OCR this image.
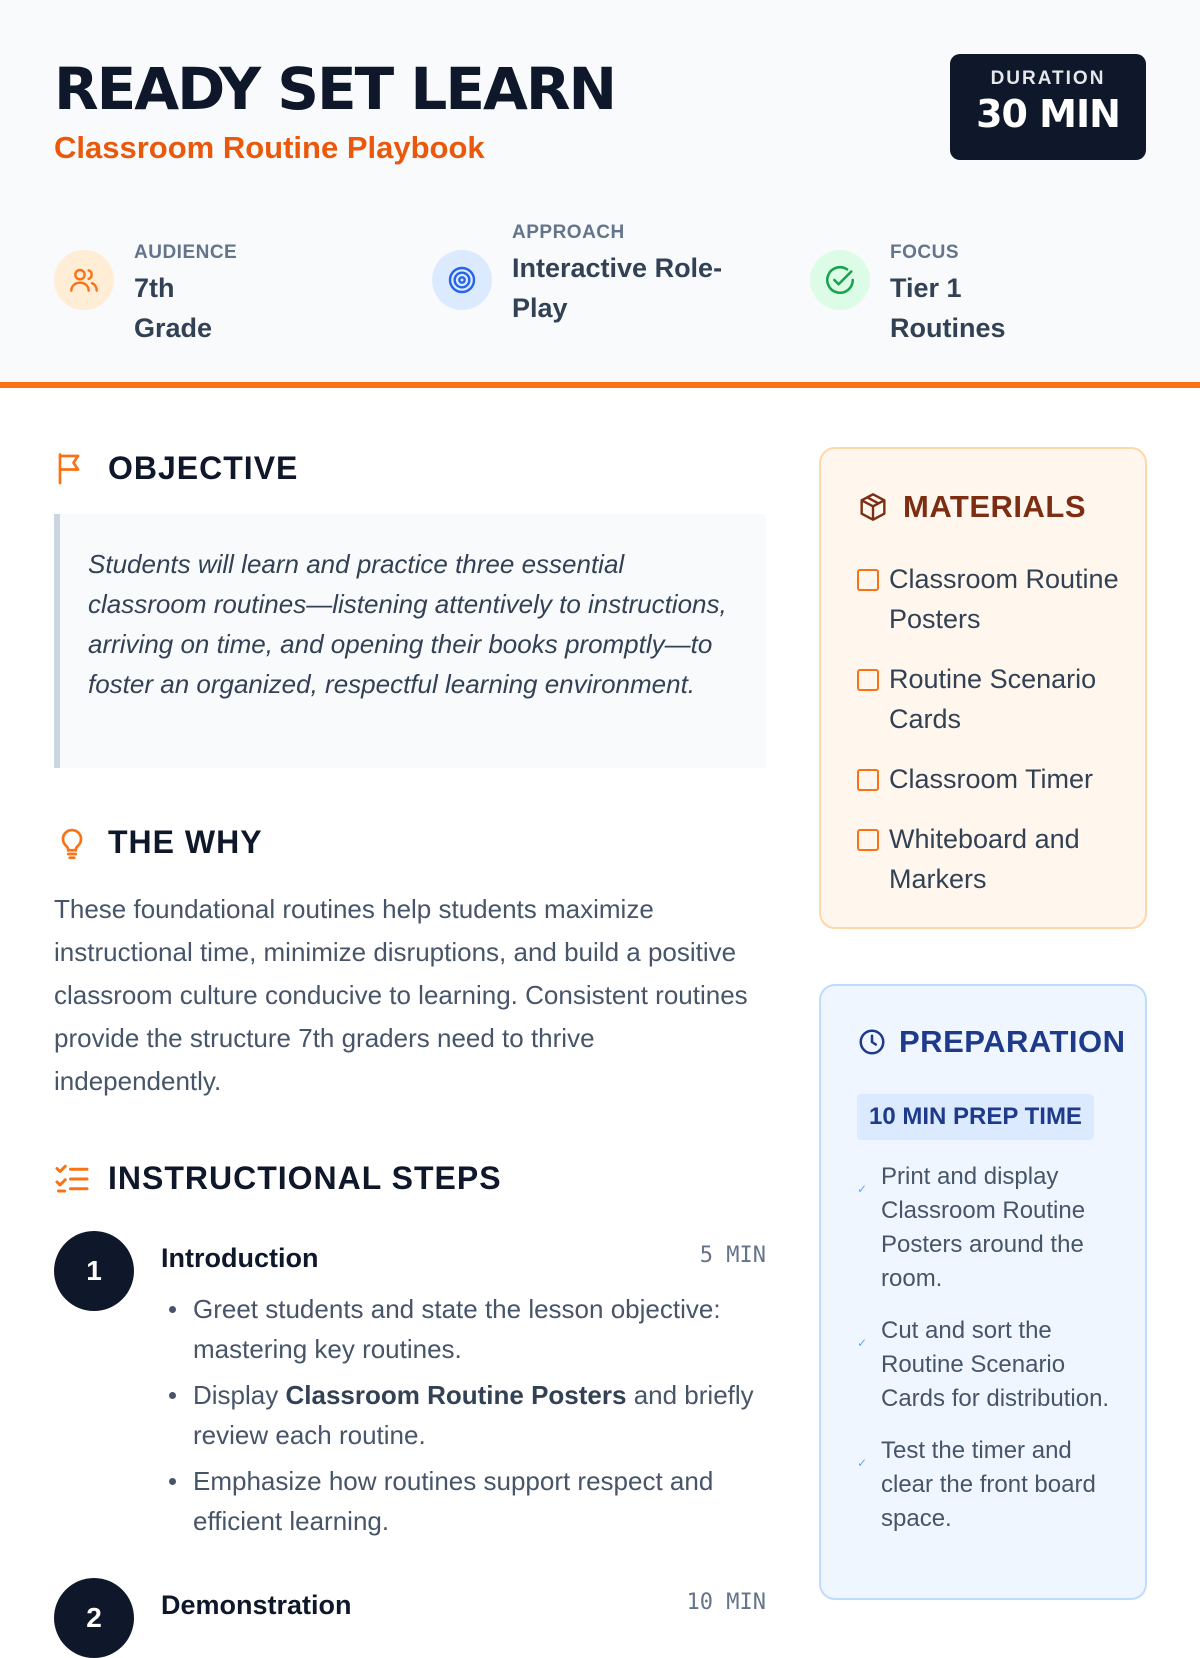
READY SET LEARN
Classroom Routine Playbook
DURATION
30 MIN
AUDIENCE
7th Grade
APPROACH
Interactive Role-Play
FOCUS
Tier 1 Routines
OBJECTIVE
Students will learn and practice three essential classroom routines—listening attentively to instructions, arriving on time, and opening their books promptly—to foster an organized, respectful learning environment.
THE WHY
These foundational routines help students maximize instructional time, minimize disruptions, and build a positive classroom culture conducive to learning. Consistent routines provide the structure 7th graders need to thrive independently.
INSTRUCTIONAL STEPS
1	Introduction	5 MIN
Greet students and state the lesson objective: mastering key routines.
Display Classroom Routine Posters and briefly review each routine.
Emphasize how routines support respect and efficient learning.
2	Demonstration	10 MIN
MATERIALS
Classroom Routine Posters
Routine Scenario Cards
Classroom Timer
Whiteboard and Markers
PREPARATION
10 MIN PREP TIME
✓ Print and display Classroom Routine Posters around the room.
✓ Cut and sort the Routine Scenario Cards for distribution.
✓ Test the timer and clear the front board space.
